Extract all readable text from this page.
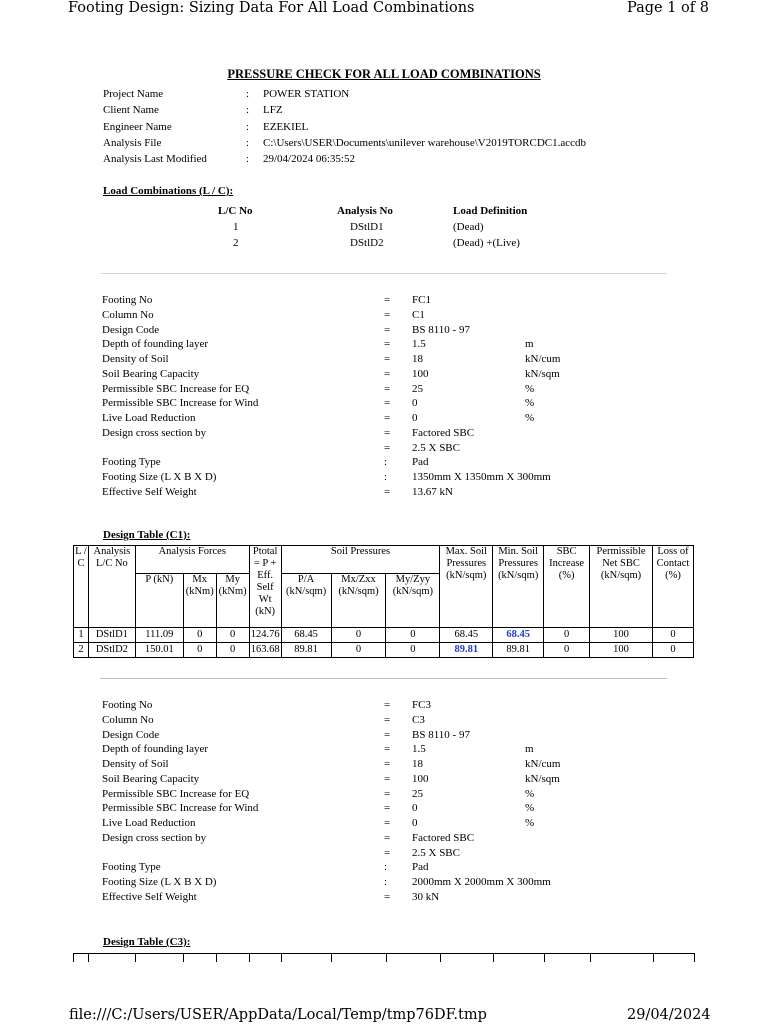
Footing Design: Sizing Data For All Load Combinations	Page 1 of 8
PRESSURE CHECK FOR ALL LOAD COMBINATIONS
Project Name	: POWER STATION
Client Name	: LFZ
Engineer Name	: EZEKIEL
Analysis File	: C:\Users\USER\Documents\unilever warehouse\V2019TORCDC1.accdb
Analysis Last Modified	: 29/04/2024 06:35:52
Load Combinations (L / C):
L/C No	Analysis No	Load Definition
1	DStlD1	(Dead)
2	DStlD2	(Dead) +(Live)
Footing No	= FC1
Column No	= C1
Design Code	= BS 8110 - 97
Depth of founding layer	= 1.5	m
Density of Soil	= 18	kN/cum
Soil Bearing Capacity	= 100	kN/sqm
Permissible SBC Increase for EQ	= 25	%
Permissible SBC Increase for Wind	= 0	%
Live Load Reduction	= 0	%
Design cross section by	= Factored SBC
= 2.5 X SBC
Footing Type	: Pad
Footing Size (L X B X D)	: 1350mm X 1350mm X 300mm
Effective Self Weight	= 13.67 kN
Design Table (C1):
L / C	Analysis L/C No	Analysis Forces			Ptotal = P + Eff. Self Wt (kN)	Soil Pressures			Max. Soil Pressures (kN/sqm)	Min. Soil Pressures (kN/sqm)	SBC Increase (%)	Permissible Net SBC (kN/sqm)	Loss of Contact (%)
		P (kN)	Mx (kNm)	My (kNm)		P/A (kN/sqm)	Mx/Zxx (kN/sqm)	My/Zyy (kN/sqm)					
1	DStlD1	111.09	0	0	124.76	68.45	0	0	68.45	68.45	0	100	0
2	DStlD2	150.01	0	0	163.68	89.81	0	0	89.81	89.81	0	100	0
Footing No	= FC3
Column No	= C3
Design Code	= BS 8110 - 97
Depth of founding layer	= 1.5	m
Density of Soil	= 18	kN/cum
Soil Bearing Capacity	= 100	kN/sqm
Permissible SBC Increase for EQ	= 25	%
Permissible SBC Increase for Wind	= 0	%
Live Load Reduction	= 0	%
Design cross section by	= Factored SBC
= 2.5 X SBC
Footing Type	: Pad
Footing Size (L X B X D)	: 2000mm X 2000mm X 300mm
Effective Self Weight	= 30 kN
Design Table (C3):
file:///C:/Users/USER/AppData/Local/Temp/tmp76DF.tmp	29/04/2024
